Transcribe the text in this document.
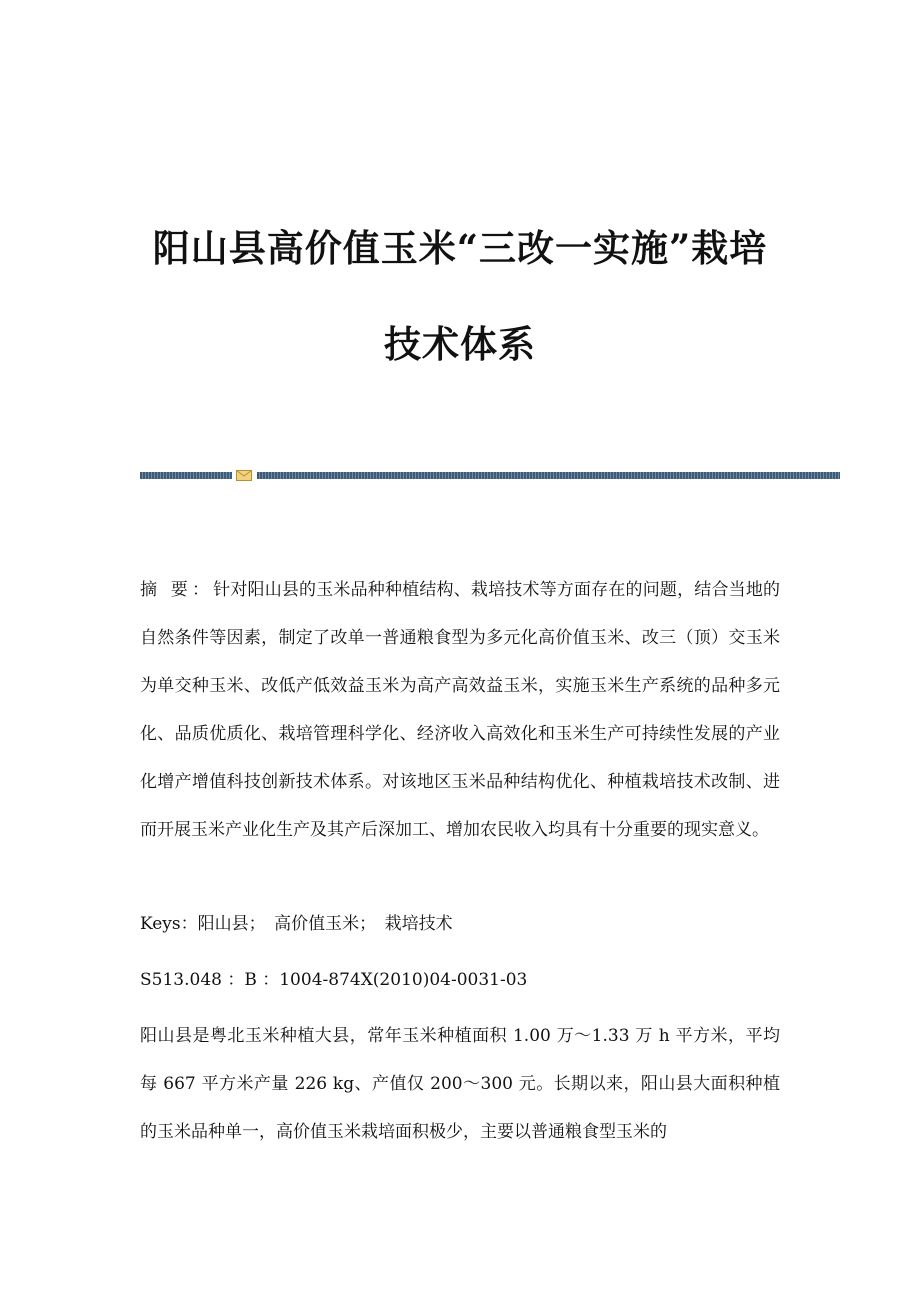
阳山县高价值玉米“三改一实施”栽培
技术体系

摘 要：针对阳山县的玉米品种种植结构、栽培技术等方面存在的问题，结合当地的自然条件等因素，制定了改单一普通粮食型为多元化高价值玉米、改三（顶）交玉米为单交种玉米、改低产低效益玉米为高产高效益玉米，实施玉米生产系统的品种多元化、品质优质化、栽培管理科学化、经济收入高效化和玉米生产可持续性发展的产业化增产增值科技创新技术体系。对该地区玉米品种结构优化、种植栽培技术改制、进而开展玉米产业化生产及其产后深加工、增加农民收入均具有十分重要的现实意义。

Keys：阳山县；　高价值玉米；　栽培技术

S513.048 ：B ：1004-874X(2010)04-0031-03

阳山县是粤北玉米种植大县，常年玉米种植面积 1.00 万～1.33 万 h 平方米，平均每 667 平方米产量 226 kg、产值仅 200～300 元。长期以来，阳山县大面积种植的玉米品种单一，高价值玉米栽培面积极少，主要以普通粮食型玉米的
